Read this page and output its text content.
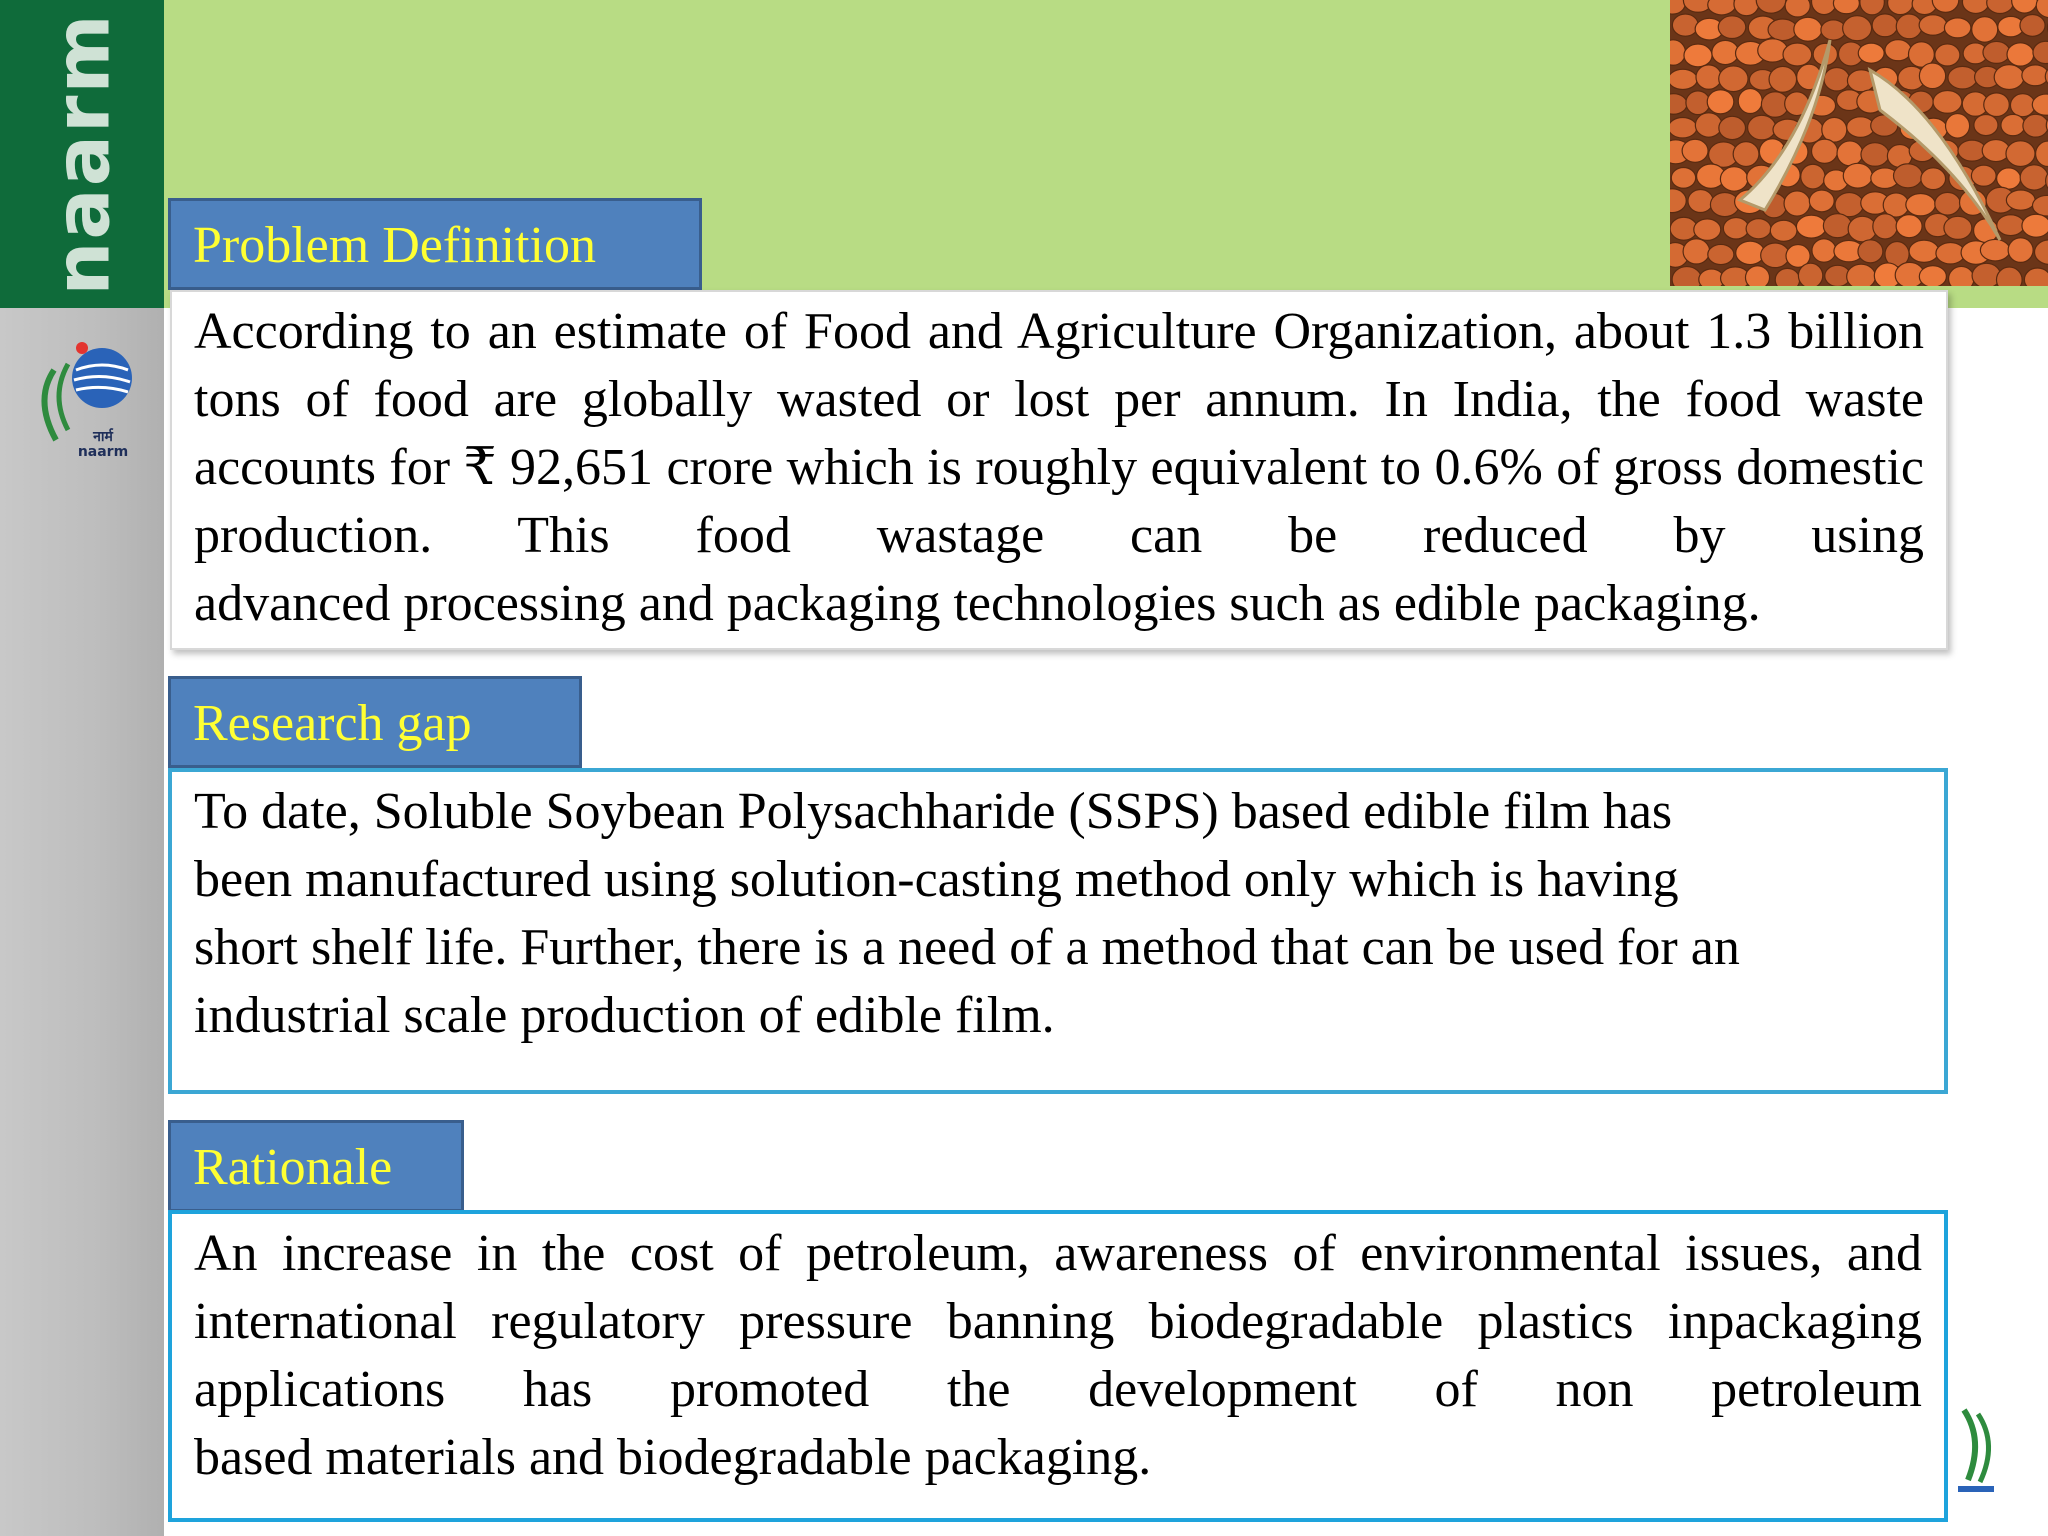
naarm
नार्म
naarm
Problem Definition
According to an estimate of Food and Agriculture Organization, about 1.3 billion tons of food are globally wasted or lost per annum. In India, the food waste accounts for ₹ 92,651 crore which is roughly equivalent to 0.6% of gross domestic production. This food wastage can be reduced by using
advanced processing and packaging technologies such as edible packaging.
Research gap
To date, Soluble Soybean Polysachharide (SSPS) based edible film has
been manufactured using solution-casting method only which is having
short shelf life. Further, there is a need of a method that can be used for an
industrial scale production of edible film.
Rationale
An increase in the cost of petroleum, awareness of environmental issues, and international regulatory pressure banning biodegradable plastics inpackaging applications has promoted the development of non petroleum
based materials and biodegradable packaging.
